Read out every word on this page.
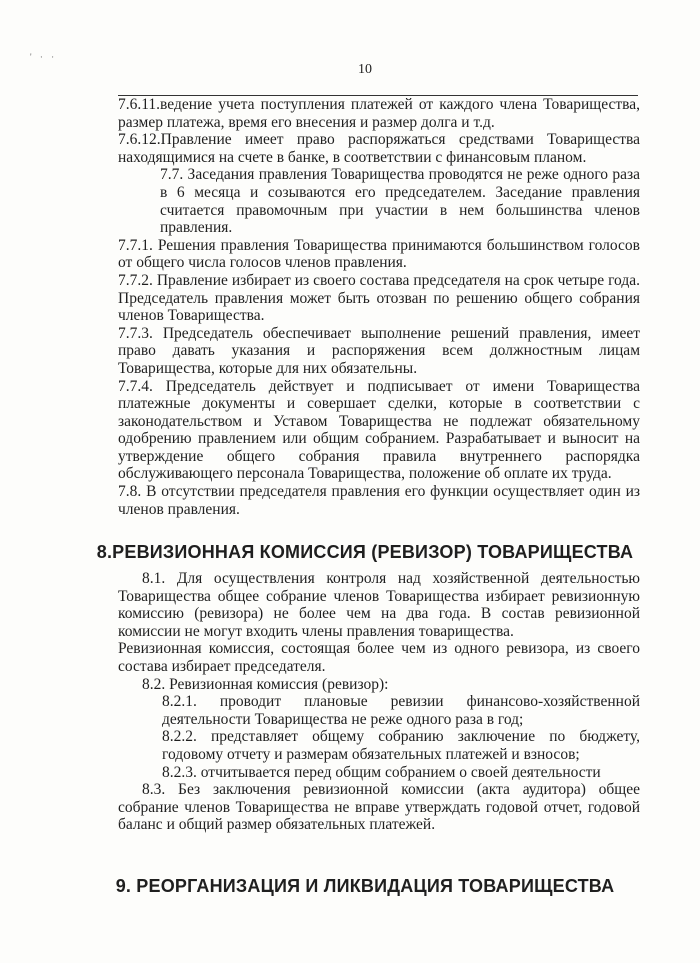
' · ·
10

7.6.11.ведение учета поступления платежей от каждого члена Товарищества, размер платежа, время его внесения и размер долга и т.д.

7.6.12.Правление имеет право распоряжаться средствами Товарищества находящимися на счете в банке, в соответствии с финансовым планом.

7.7. Заседания правления Товарищества проводятся не реже одного раза в 6 месяца и созываются его председателем. Заседание правления считается правомочным при участии в нем большинства членов правления.

7.7.1. Решения правления Товарищества принимаются большинством голосов от общего числа голосов членов правления.

7.7.2. Правление избирает из своего состава председателя на срок четыре года. Председатель правления может быть отозван по решению общего собрания членов Товарищества.

7.7.3. Председатель обеспечивает выполнение решений правления, имеет право давать указания и распоряжения всем должностным лицам Товарищества, которые для них обязательны.

7.7.4. Председатель действует и подписывает от имени Товарищества платежные документы и совершает сделки, которые в соответствии с законодательством и Уставом Товарищества не подлежат обязательному одобрению правлением или общим собранием. Разрабатывает и выносит на утверждение общего собрания правила внутреннего распорядка обслуживающего персонала Товарищества, положение об оплате их труда.

7.8. В отсутствии председателя правления его функции осуществляет один из членов правления.

8.РЕВИЗИОННАЯ КОМИССИЯ (РЕВИЗОР) ТОВАРИЩЕСТВА

8.1. Для осуществления контроля над хозяйственной деятельностью Товарищества общее собрание членов Товарищества избирает ревизионную комиссию (ревизора) не более чем на два года. В состав ревизионной комиссии не могут входить члены правления товарищества.

Ревизионная комиссия, состоящая более чем из одного ревизора, из своего состава избирает председателя.

8.2. Ревизионная комиссия (ревизор):

8.2.1. проводит плановые ревизии финансово-хозяйственной деятельности Товарищества не реже одного раза в год;

8.2.2. представляет общему собранию заключение по бюджету, годовому отчету и размерам обязательных платежей и взносов;

8.2.3. отчитывается перед общим собранием о своей деятельности

8.3. Без заключения ревизионной комиссии (акта аудитора) общее собрание членов Товарищества не вправе утверждать годовой отчет, годовой баланс и общий размер обязательных платежей.

9. РЕОРГАНИЗАЦИЯ И ЛИКВИДАЦИЯ ТОВАРИЩЕСТВА
